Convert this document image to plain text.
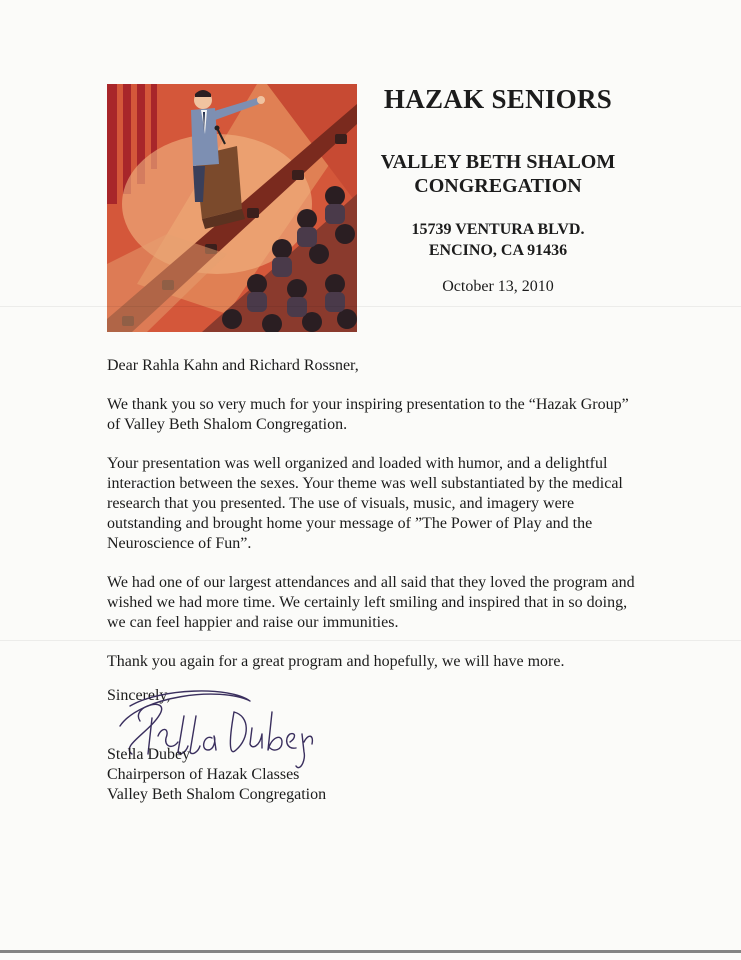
HAZAK SENIORS
VALLEY BETH SHALOM
CONGREGATION
15739 VENTURA BLVD.
ENCINO, CA 91436
October 13, 2010

Dear Rahla Kahn and Richard Rossner,

We thank you so very much for your inspiring presentation to the “Hazak Group” of Valley Beth Shalom Congregation.

Your presentation was well organized and loaded with humor, and a delightful interaction between the sexes. Your theme was well substantiated by the medical research that you presented. The use of visuals, music, and imagery were outstanding and brought home your message of ”The Power of Play and the Neuroscience of Fun”.

We had one of our largest attendances and all said that they loved the program and wished we had more time. We certainly left smiling and inspired that in so doing, we can feel happier and raise our immunities.

Thank you again for a great program and hopefully, we will have more.

Sincerely,
Stella Dubey
Chairperson of Hazak Classes
Valley Beth Shalom Congregation
